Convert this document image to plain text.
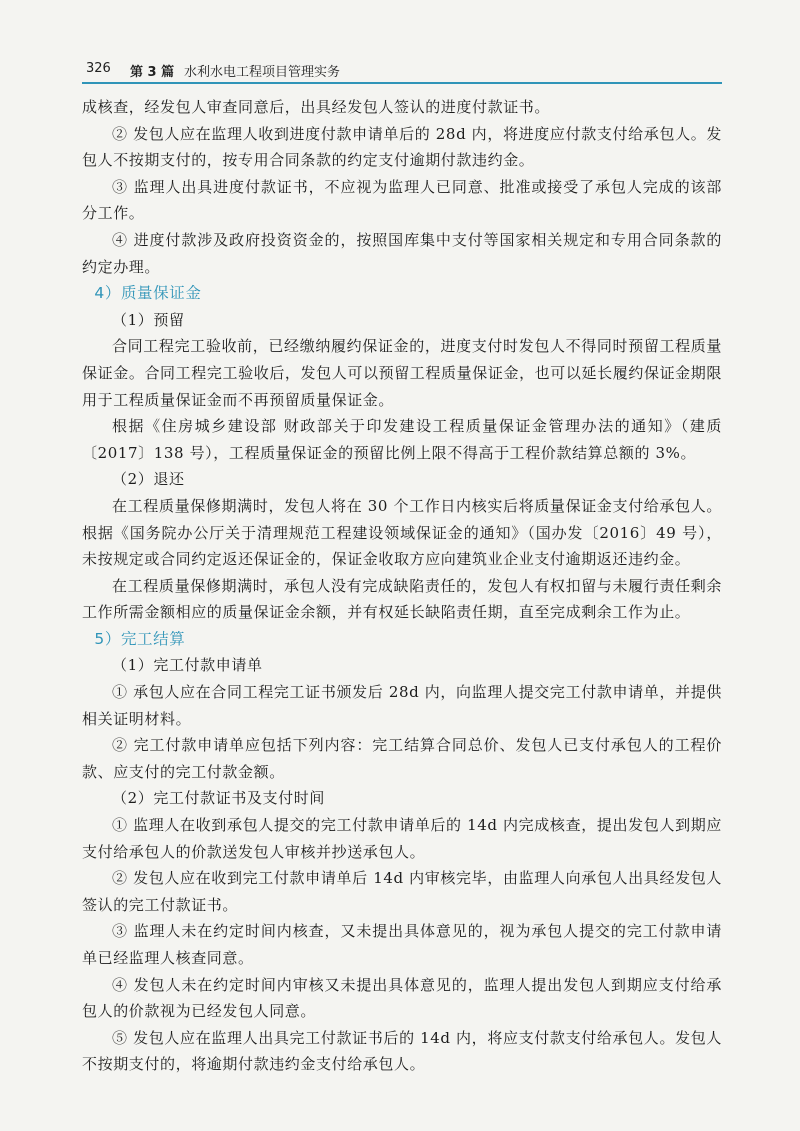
326 第 3 篇 水利水电工程项目管理实务

成核查，经发包人审查同意后，出具经发包人签认的进度付款证书。

② 发包人应在监理人收到进度付款申请单后的 28d 内，将进度应付款支付给承包人。发包人不按期支付的，按专用合同条款的约定支付逾期付款违约金。

③ 监理人出具进度付款证书，不应视为监理人已同意、批准或接受了承包人完成的该部分工作。

④ 进度付款涉及政府投资资金的，按照国库集中支付等国家相关规定和专用合同条款的约定办理。

4）质量保证金

（1）预留

合同工程完工验收前，已经缴纳履约保证金的，进度支付时发包人不得同时预留工程质量保证金。合同工程完工验收后，发包人可以预留工程质量保证金，也可以延长履约保证金期限用于工程质量保证金而不再预留质量保证金。

根据《住房城乡建设部 财政部关于印发建设工程质量保证金管理办法的通知》（建质〔2017〕138 号），工程质量保证金的预留比例上限不得高于工程价款结算总额的 3%。

（2）退还

在工程质量保修期满时，发包人将在 30 个工作日内核实后将质量保证金支付给承包人。根据《国务院办公厅关于清理规范工程建设领域保证金的通知》（国办发〔2016〕49 号），未按规定或合同约定返还保证金的，保证金收取方应向建筑业企业支付逾期返还违约金。

在工程质量保修期满时，承包人没有完成缺陷责任的，发包人有权扣留与未履行责任剩余工作所需金额相应的质量保证金余额，并有权延长缺陷责任期，直至完成剩余工作为止。

5）完工结算

（1）完工付款申请单

① 承包人应在合同工程完工证书颁发后 28d 内，向监理人提交完工付款申请单，并提供相关证明材料。

② 完工付款申请单应包括下列内容：完工结算合同总价、发包人已支付承包人的工程价款、应支付的完工付款金额。

（2）完工付款证书及支付时间

① 监理人在收到承包人提交的完工付款申请单后的 14d 内完成核查，提出发包人到期应支付给承包人的价款送发包人审核并抄送承包人。

② 发包人应在收到完工付款申请单后 14d 内审核完毕，由监理人向承包人出具经发包人签认的完工付款证书。

③ 监理人未在约定时间内核查，又未提出具体意见的，视为承包人提交的完工付款申请单已经监理人核查同意。

④ 发包人未在约定时间内审核又未提出具体意见的，监理人提出发包人到期应支付给承包人的价款视为已经发包人同意。

⑤ 发包人应在监理人出具完工付款证书后的 14d 内，将应支付款支付给承包人。发包人不按期支付的，将逾期付款违约金支付给承包人。
